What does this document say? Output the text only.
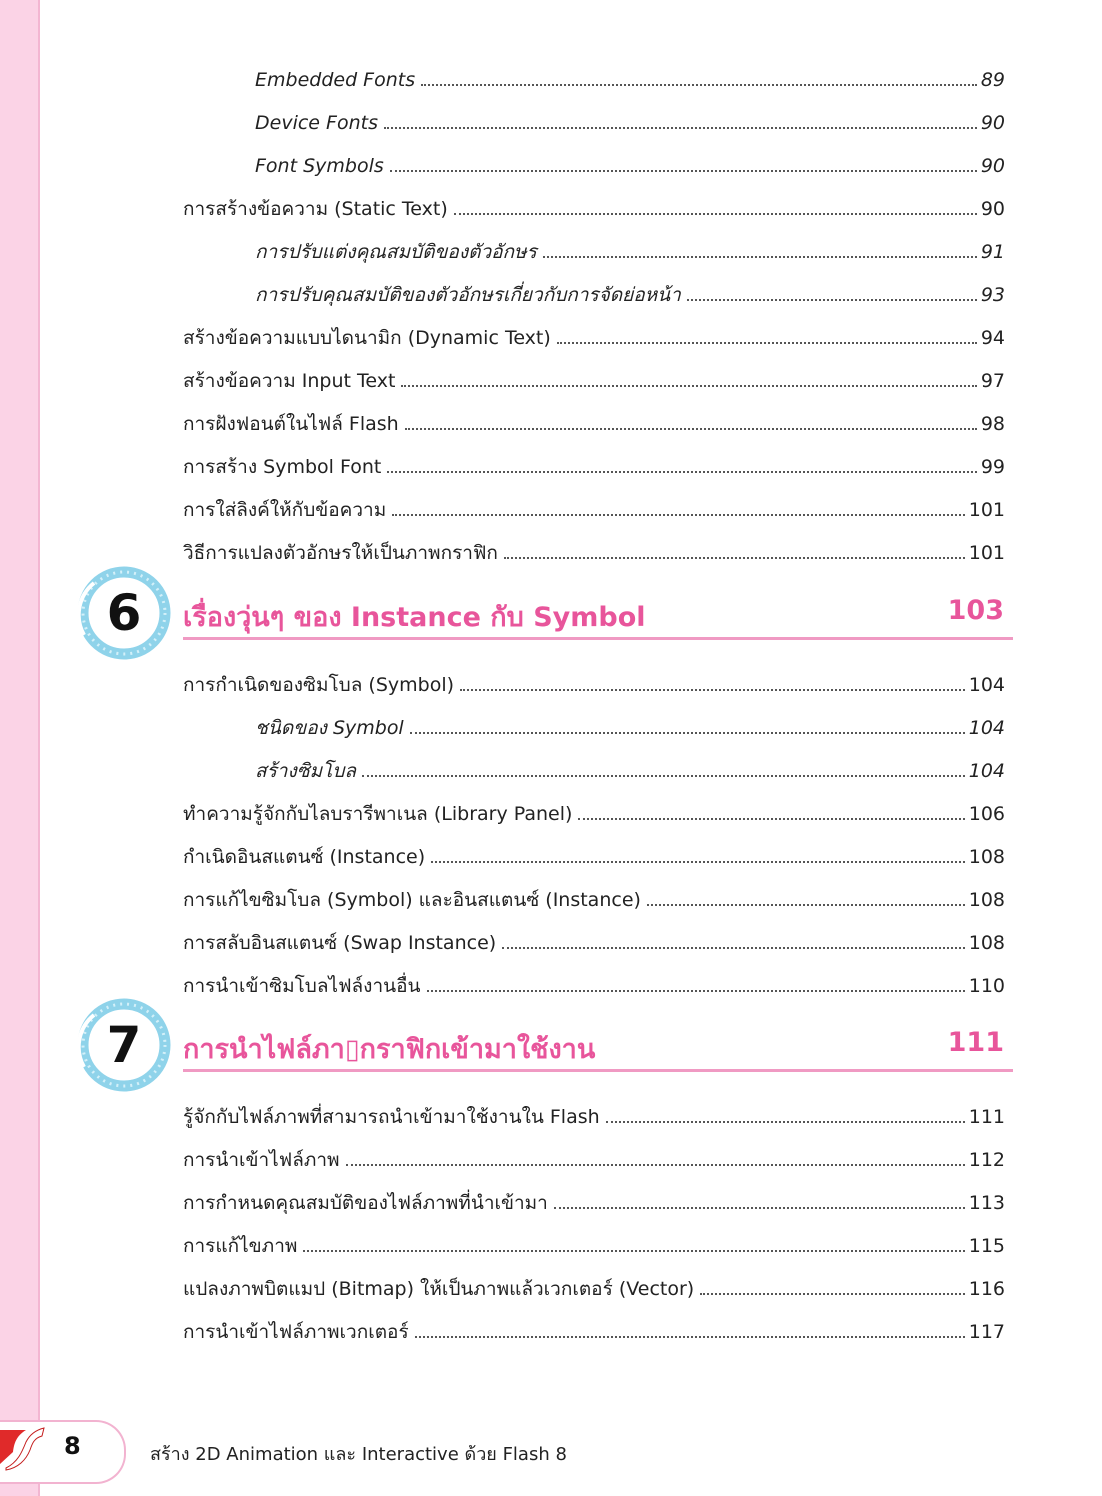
Embedded Fonts	89
Device Fonts	90
Font Symbols	90
การสร้างข้อความ (Static Text)	90
การปรับแต่งคุณสมบัติของตัวอักษร	91
การปรับคุณสมบัติของตัวอักษรเกี่ยวกับการจัดย่อหน้า	93
สร้างข้อความแบบไดนามิก (Dynamic Text)	94
สร้างข้อความ Input Text	97
การฝังฟอนต์ในไฟล์ Flash	98
การสร้าง Symbol Font	99
การใส่ลิงค์ให้กับข้อความ	101
วิธีการแปลงตัวอักษรให้เป็นภาพกราฟิก	101
6	เรื่องวุ่นๆ ของ Instance กับ Symbol	103
การกำเนิดของซิมโบล (Symbol)	104
ชนิดของ Symbol	104
สร้างซิมโบล	104
ทำความรู้จักกับไลบรารีพาเนล (Library Panel)	106
กำเนิดอินสแตนซ์ (Instance)	108
การแก้ไขซิมโบล (Symbol) และอินสแตนซ์ (Instance)	108
การสลับอินสแตนซ์ (Swap Instance)	108
การนำเข้าซิมโบลไฟล์งานอื่น	110
7	การนำไฟล์ภา▯กราฟิกเข้ามาใช้งาน	111
รู้จักกับไฟล์ภาพที่สามารถนำเข้ามาใช้งานใน Flash	111
การนำเข้าไฟล์ภาพ	112
การกำหนดคุณสมบัติของไฟล์ภาพที่นำเข้ามา	113
การแก้ไขภาพ	115
แปลงภาพบิตแมป (Bitmap) ให้เป็นภาพแล้วเวกเตอร์ (Vector)	116
การนำเข้าไฟล์ภาพเวกเตอร์	117
8	สร้าง 2D Animation และ Interactive ด้วย Flash 8
